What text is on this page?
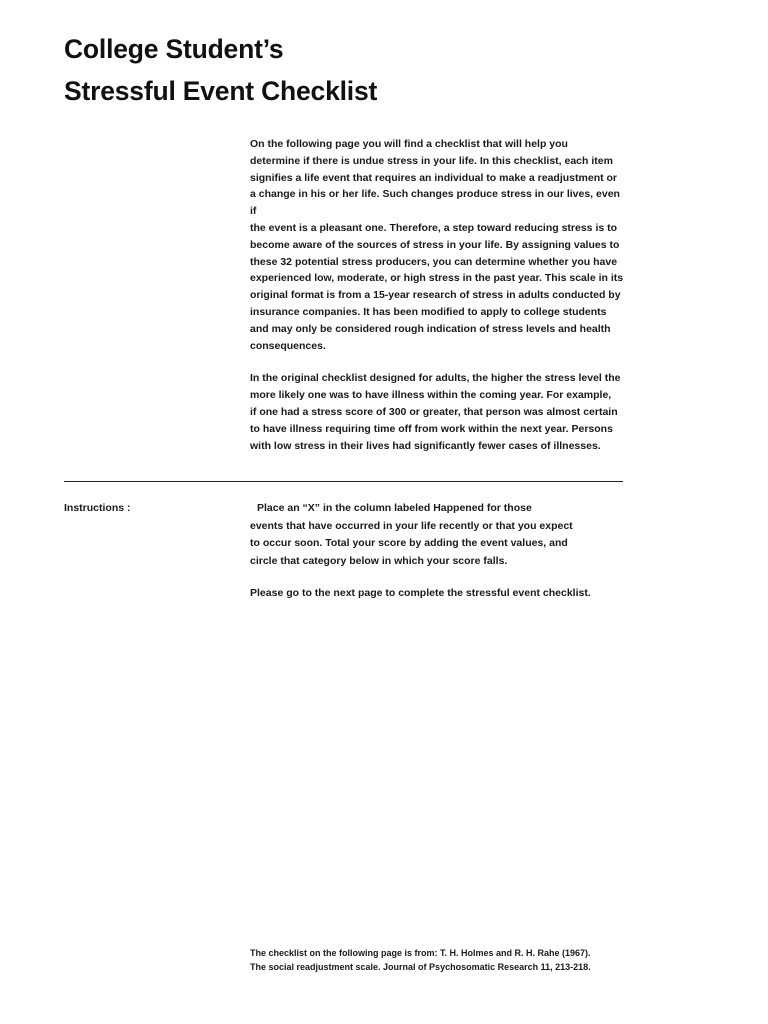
College Student’s
Stressful Event Checklist

On the following page you will find a checklist that will help you
determine if there is undue stress in your life. In this checklist, each item
signifies a life event that requires an individual to make a readjustment or
a change in his or her life. Such changes produce stress in our lives, even if
the event is a pleasant one. Therefore, a step toward reducing stress is to
become aware of the sources of stress in your life. By assigning values to
these 32 potential stress producers, you can determine whether you have
experienced low, moderate, or high stress in the past year. This scale in its
original format is from a 15-year research of stress in adults conducted by
insurance companies. It has been modified to apply to college students
and may only be considered rough indication of stress levels and health
consequences.

In the original checklist designed for adults, the higher the stress level the
more likely one was to have illness within the coming year. For example,
if one had a stress score of 300 or greater, that person was almost certain
to have illness requiring time off from work within the next year. Persons
with low stress in their lives had significantly fewer cases of illnesses.

Instructions :	Place an “X” in the column labeled Happened for those
events that have occurred in your life recently or that you expect
to occur soon. Total your score by adding the event values, and
circle that category below in which your score falls.

Please go to the next page to complete the stressful event checklist.

The checklist on the following page is from: T. H. Holmes and R. H. Rahe (1967).
The social readjustment scale. Journal of Psychosomatic Research 11, 213-218.
